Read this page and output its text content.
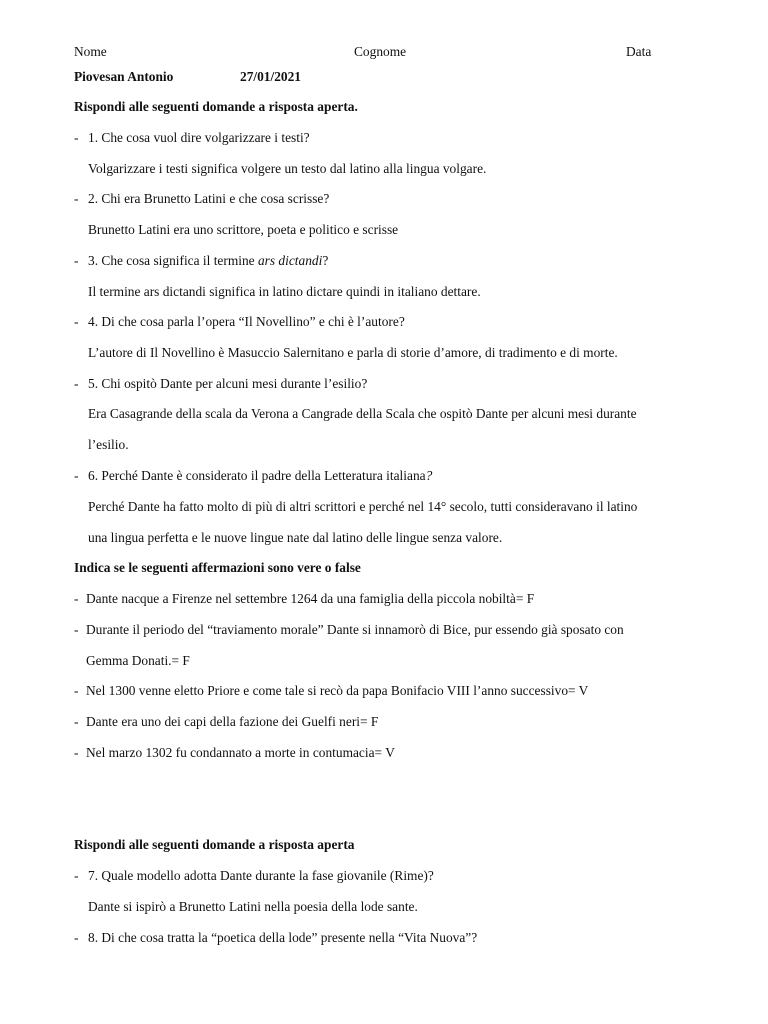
Nome	Cognome	Data
Piovesan Antonio	27/01/2021
Rispondi alle seguenti domande a risposta aperta.
- 1. Che cosa vuol dire volgarizzare i testi?
Volgarizzare i testi significa volgere un testo dal latino alla lingua volgare.
- 2. Chi era Brunetto Latini e che cosa scrisse?
Brunetto Latini era uno scrittore, poeta e politico e scrisse
- 3. Che cosa significa il termine ars dictandi?
Il termine ars dictandi significa in latino dictare quindi in italiano dettare.
- 4. Di che cosa parla l’opera “Il Novellino” e chi è l’autore?
L’autore di Il Novellino è Masuccio Salernitano e parla di storie d’amore, di tradimento e di morte.
- 5. Chi ospitò Dante per alcuni mesi durante l’esilio?
Era Casagrande della scala da Verona a Cangrade della Scala che ospitò Dante per alcuni mesi durante
l’esilio.
- 6. Perché Dante è considerato il padre della Letteratura italiana?
Perché Dante ha fatto molto di più di altri scrittori e perché nel 14° secolo, tutti consideravano il latino
una lingua perfetta e le nuove lingue nate dal latino delle lingue senza valore.
Indica se le seguenti affermazioni sono vere o false
- Dante nacque a Firenze nel settembre 1264 da una famiglia della piccola nobiltà= F
- Durante il periodo del “traviamento morale” Dante si innamorò di Bice, pur essendo già sposato con
Gemma Donati.= F
- Nel 1300 venne eletto Priore e come tale si recò da papa Bonifacio VIII l’anno successivo= V
- Dante era uno dei capi della fazione dei Guelfi neri= F
- Nel marzo 1302 fu condannato a morte in contumacia= V
Rispondi alle seguenti domande a risposta aperta
- 7. Quale modello adotta Dante durante la fase giovanile (Rime)?
Dante si ispirò a Brunetto Latini nella poesia della lode sante.
- 8. Di che cosa tratta la “poetica della lode” presente nella “Vita Nuova”?
